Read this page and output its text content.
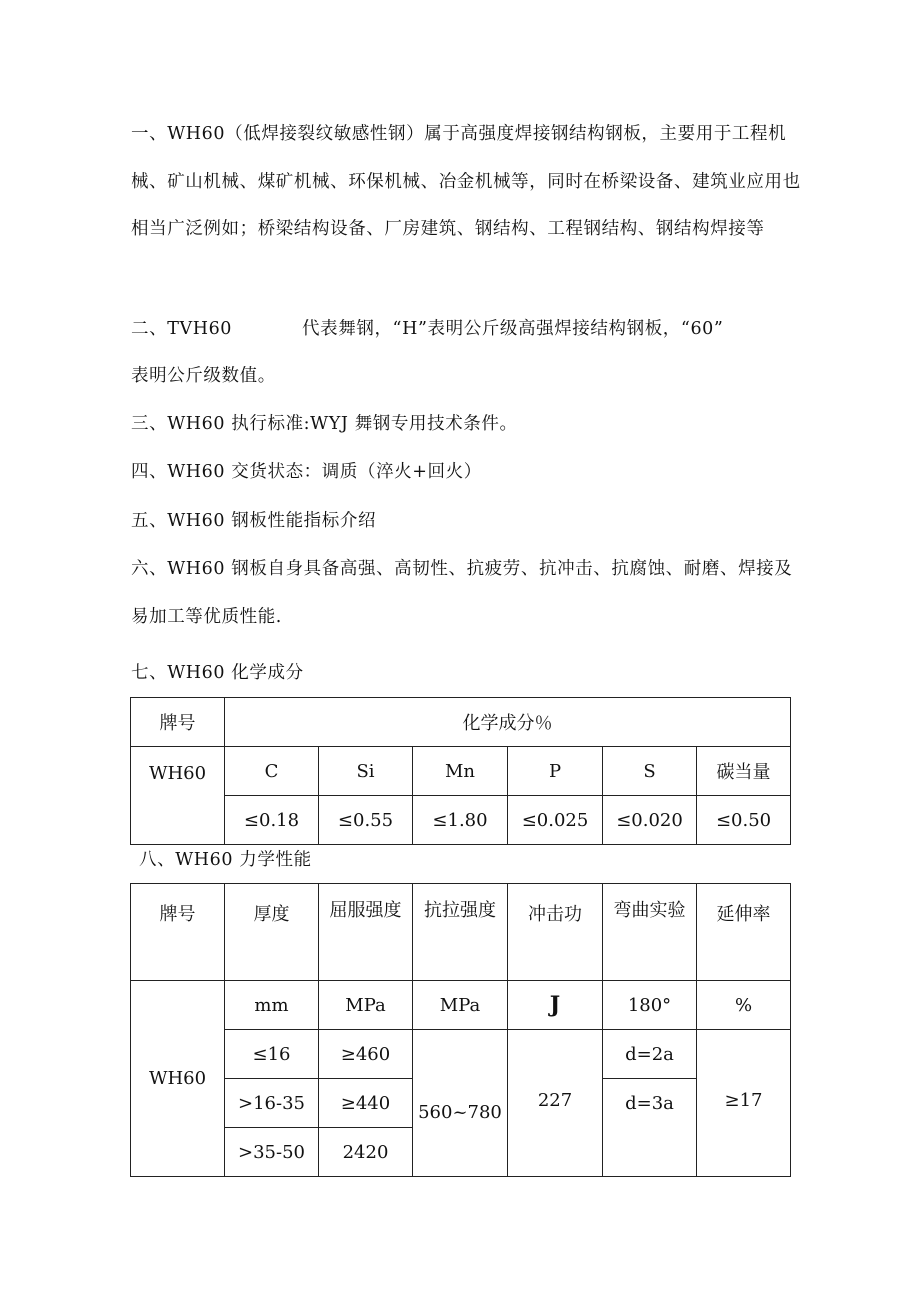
一、WH60（低焊接裂纹敏感性钢）属于高强度焊接钢结构钢板，主要用于工程机械、矿山机械、煤矿机械、环保机械、冶金机械等，同时在桥梁设备、建筑业应用也相当广泛例如；桥梁结构设备、厂房建筑、钢结构、工程钢结构、钢结构焊接等

二、TVH60	代表舞钢，“H”表明公斤级高强焊接结构钢板，“60”

表明公斤级数值。

三、WH60 执行标准:WYJ 舞钢专用技术条件。

四、WH60 交货状态：调质（淬火+回火）

五、WH60 钢板性能指标介绍

六、WH60 钢板自身具备高强、高韧性、抗疲劳、抗冲击、抗腐蚀、耐磨、焊接及易加工等优质性能.

七、WH60 化学成分

牌号	化学成分％					
WH60	C	Si	Mn	P	S	碳当量
	≤0.18	≤0.55	≤1.80	≤0.025	≤0.020	≤0.50

八、WH60 力学性能

牌号	厚度	屈服强度	抗拉强度	冲击功	弯曲实验	延伸率
WH60	mm	MPa	MPa	J	180°	%
	≤16	≥460	560~780	227	d=2a	≥17
	>16-35	≥440			d=3a	
	>35-50	2420				
